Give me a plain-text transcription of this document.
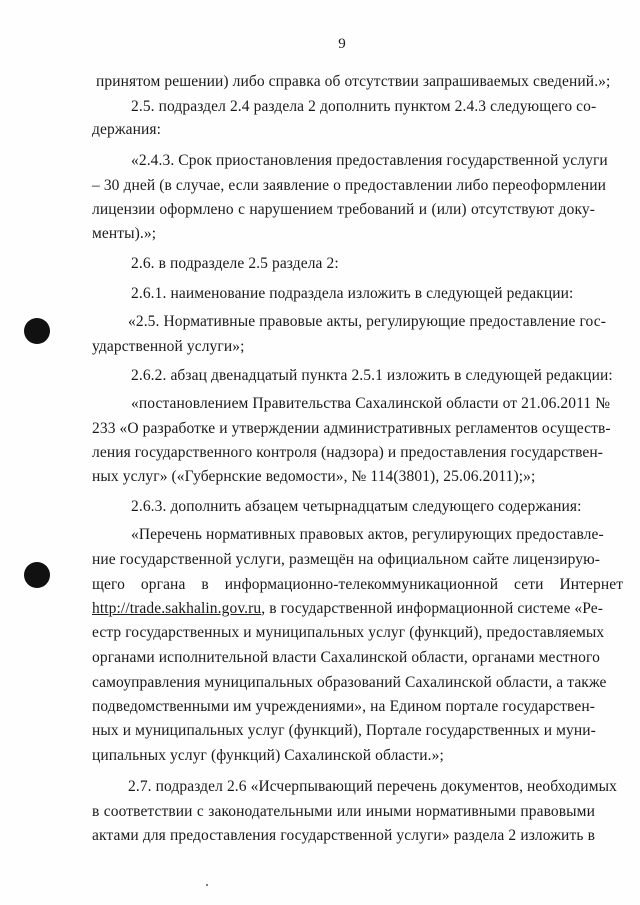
9
принятом решении) либо справка об отсутствии запрашиваемых сведений.»;
2.5. подраздел 2.4 раздела 2 дополнить пунктом 2.4.3 следующего со-
держания:
«2.4.3. Срок приостановления предоставления государственной услуги
– 30 дней (в случае, если заявление о предоставлении либо переоформлении
лицензии оформлено с нарушением требований и (или) отсутствуют доку-
менты).»;
2.6. в подразделе 2.5 раздела 2:
2.6.1. наименование подраздела изложить в следующей редакции:
«2.5. Нормативные правовые акты, регулирующие предоставление гос-
ударственной услуги»;
2.6.2. абзац двенадцатый пункта 2.5.1 изложить в следующей редакции:
«постановлением Правительства Сахалинской области от 21.06.2011 №
233 «О разработке и утверждении административных регламентов осуществ-
ления государственного контроля (надзора) и предоставления государствен-
ных услуг» («Губернские ведомости», № 114(3801), 25.06.2011);»;
2.6.3. дополнить абзацем четырнадцатым следующего содержания:
«Перечень нормативных правовых актов, регулирующих предоставле-
ние государственной услуги, размещён на официальном сайте лицензирую-
щего органа в информационно-телекоммуникационной сети Интернет
http://trade.sakhalin.gov.ru, в государственной информационной системе «Ре-
естр государственных и муниципальных услуг (функций), предоставляемых
органами исполнительной власти Сахалинской области, органами местного
самоуправления муниципальных образований Сахалинской области, а также
подведомственными им учреждениями», на Едином портале государствен-
ных и муниципальных услуг (функций), Портале государственных и муни-
ципальных услуг (функций) Сахалинской области.»;
2.7. подраздел 2.6 «Исчерпывающий перечень документов, необходимых
в соответствии с законодательными или иными нормативными правовыми
актами для предоставления государственной услуги» раздела 2 изложить в
